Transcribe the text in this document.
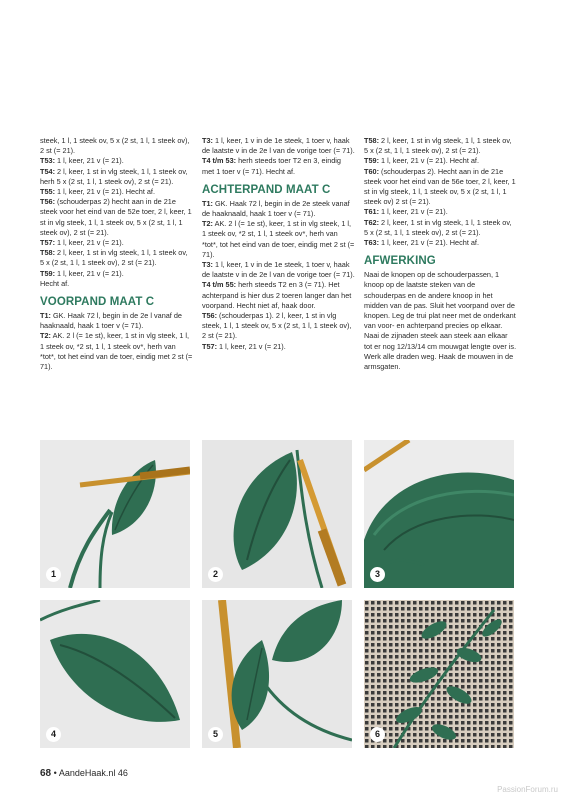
steek, 1 l, 1 steek ov, 5 x (2 st, 1 l, 1 steek ov), 2 st (= 21).
T53: 1 l, keer, 21 v (= 21).
T54: 2 l, keer, 1 st in vlg steek, 1 l, 1 steek ov, herh 5 x (2 st, 1 l, 1 steek ov), 2 st (= 21).
T55: 1 l, keer, 21 v (= 21). Hecht af.
T56: (schouderpas 2) hecht aan in de 21e steek voor het eind van de 52e toer, 2 l, keer, 1 st in vlg steek, 1 l, 1 steek ov, 5 x (2 st, 1 l, 1 steek ov), 2 st (= 21).
T57: 1 l, keer, 21 v (= 21).
T58: 2 l, keer, 1 st in vlg steek, 1 l, 1 steek ov, 5 x (2 st, 1 l, 1 steek ov), 2 st (= 21).
T59: 1 l, keer, 21 v (= 21).
Hecht af.
VOORPAND MAAT C
T1: GK. Haak 72 l, begin in de 2e l vanaf de haaknaald, haak 1 toer v (= 71).
T2: AK. 2 l (= 1e st), keer, 1 st in vlg steek, 1 l, 1 steek ov, *2 st, 1 l, 1 steek ov*, herh van *tot*, tot het eind van de toer, eindig met 2 st (= 71).
T3: 1 l, keer, 1 v in de 1e steek, 1 toer v, haak de laatste v in de 2e l van de vorige toer (= 71).
T4 t/m 53: herh steeds toer T2 en 3, eindig met 1 toer v (= 71). Hecht af.
ACHTERPAND MAAT C
T1: GK. Haak 72 l, begin in de 2e steek vanaf de haaknaald, haak 1 toer v (= 71).
T2: AK. 2 l (= 1e st), keer, 1 st in vlg steek, 1 l, 1 steek ov, *2 st, 1 l, 1 steek ov*, herh van *tot*, tot het eind van de toer, eindig met 2 st (= 71).
T3: 1 l, keer, 1 v in de 1e steek, 1 toer v, haak de laatste v in de 2e l van de vorige toer (= 71).
T4 t/m 55: herh steeds T2 en 3 (= 71). Het achterpand is hier dus 2 toeren langer dan het voorpand. Hecht niet af, haak door.
T56: (schouderpas 1). 2 l, keer, 1 st in vlg steek, 1 l, 1 steek ov, 5 x (2 st, 1 l, 1 steek ov), 2 st (= 21).
T57: 1 l, keer, 21 v (= 21).
T58: 2 l, keer, 1 st in vlg steek, 1 l, 1 steek ov, 5 x (2 st, 1 l, 1 steek ov), 2 st (= 21).
T59: 1 l, keer, 21 v (= 21). Hecht af.
T60: (schouderpas 2). Hecht aan in de 21e steek voor het eind van de 56e toer, 2 l, keer, 1 st in vlg steek, 1 l, 1 steek ov, 5 x (2 st, 1 l, 1 steek ov) 2 st (= 21).
T61: 1 l, keer, 21 v (= 21).
T62: 2 l, keer, 1 st in vlg steek, 1 l, 1 steek ov, 5 x (2 st, 1 l, 1 steek ov), 2 st (= 21).
T63: 1 l, keer, 21 v (= 21). Hecht af.
AFWERKING
Naai de knopen op de schouderpassen, 1 knoop op de laatste steken van de schouderpas en de andere knoop in het midden van de pas. Sluit het voorpand over de knopen. Leg de trui plat neer met de onderkant van voor- en achterpand precies op elkaar. Naai de zijnaden steek aan steek aan elkaar tot er nog 12/13/14 cm mouwgat lengte over is. Werk alle draden weg. Haak de mouwen in de armsgaten.
1	2	3
4	5	6
68 • AandeHaak.nl 46
PassionForum.ru
